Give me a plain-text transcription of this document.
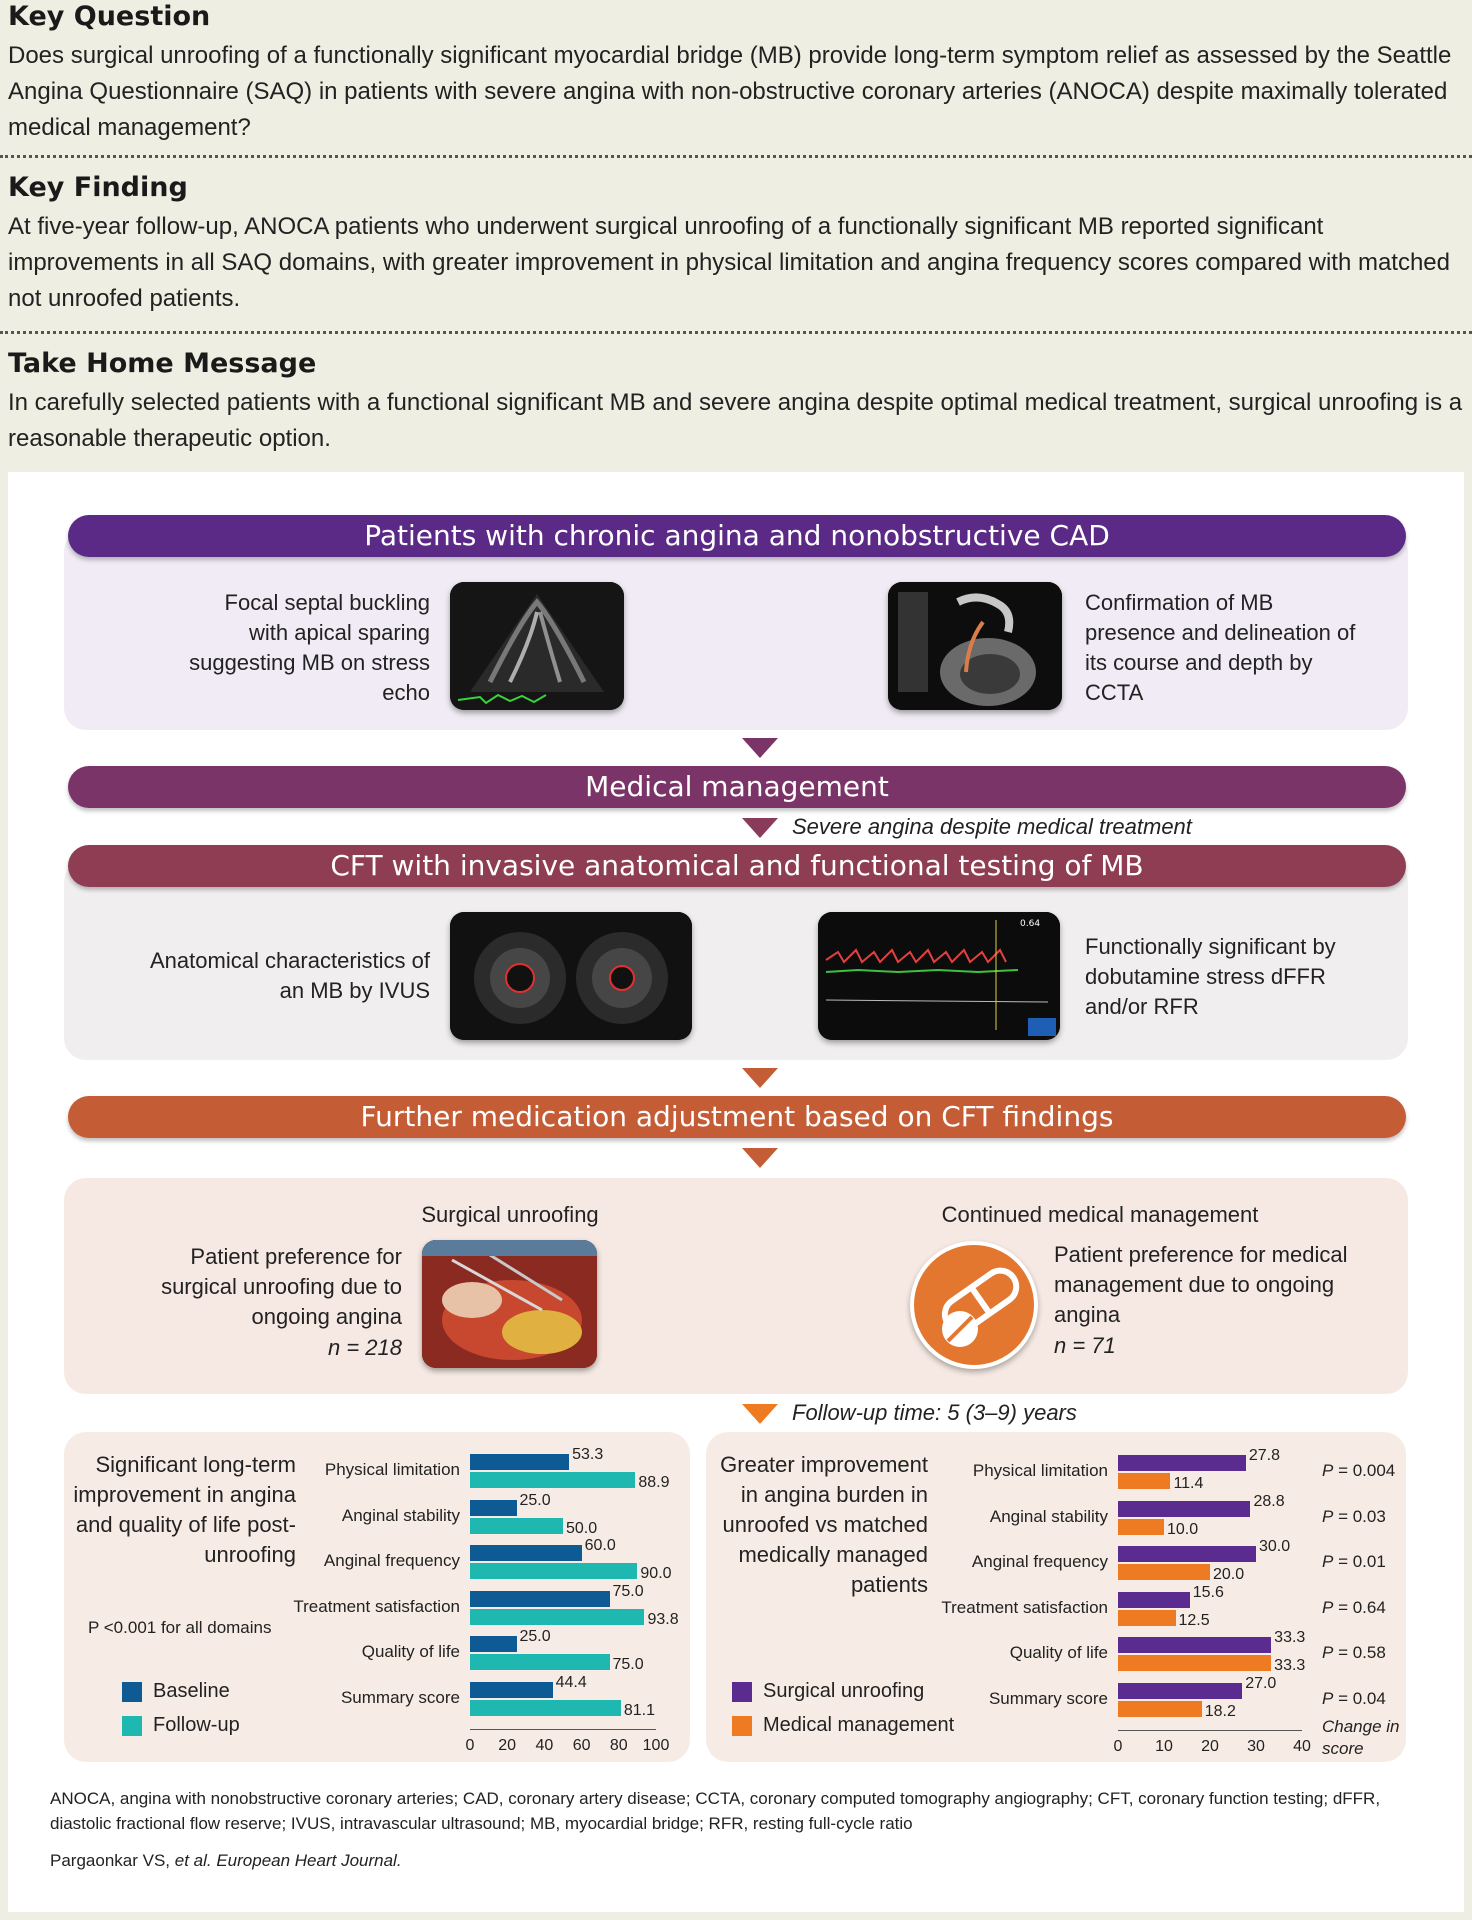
Key Question

Does surgical unroofing of a functionally significant myocardial bridge (MB) provide long-term symptom relief as assessed by the Seattle Angina Questionnaire (SAQ) in patients with severe angina with non-obstructive coronary arteries (ANOCA) despite maximally tolerated medical management?

Key Finding

At five-year follow-up, ANOCA patients who underwent surgical unroofing of a functionally significant MB reported significant improvements in all SAQ domains, with greater improvement in physical limitation and angina frequency scores compared with matched not unroofed patients.

Take Home Message

In carefully selected patients with a functional significant MB and severe angina despite optimal medical treatment, surgical unroofing is a reasonable therapeutic option.

Patients with chronic angina and nonobstructive CAD
Focal septal buckling with apical sparing suggesting MB on stress echo
Confirmation of MB presence and delineation of its course and depth by CCTA
Medical management
Severe angina despite medical treatment
CFT with invasive anatomical and functional testing of MB
Anatomical characteristics of an MB by IVUS
0.64
Functionally significant by dobutamine stress dFFR and/or RFR
Further medication adjustment based on CFT findings
Surgical unroofing
Patient preference for surgical unroofing due to ongoing angina
n = 218
Continued medical management
Patient preference for medical management due to ongoing angina
n = 71
Follow-up time: 5 (3–9) years
Significant long-term improvement in angina and quality of life post-unroofing
P <0.001 for all domains
Baseline
Follow-up
Physical limitation
53.3
88.9
Anginal stability
25.0
50.0
Anginal frequency
60.0
90.0
Treatment satisfaction
75.0
93.8
Quality of life
25.0
75.0
Summary score
44.4
81.1
0	20	40	60	80 100
Greater improvement in angina burden in unroofed vs matched medically managed patients
Surgical unroofing
Medical management	Change in score
Physical limitation
27.8
11.4
P = 0.004
Anginal stability
28.8
10.0
P = 0.03
Anginal frequency
30.0
20.0
P = 0.01
Treatment satisfaction
15.6
12.5
P = 0.64
Quality of life
33.3
33.3
P = 0.58
Summary score
27.0
18.2
P = 0.04
0	10	20	30	40
ANOCA, angina with nonobstructive coronary arteries; CAD, coronary artery disease; CCTA, coronary computed tomography angiography; CFT, coronary function testing; dFFR, diastolic fractional flow reserve; IVUS, intravascular ultrasound; MB, myocardial bridge; RFR, resting full-cycle ratio
Pargaonkar VS, et al. European Heart Journal.
